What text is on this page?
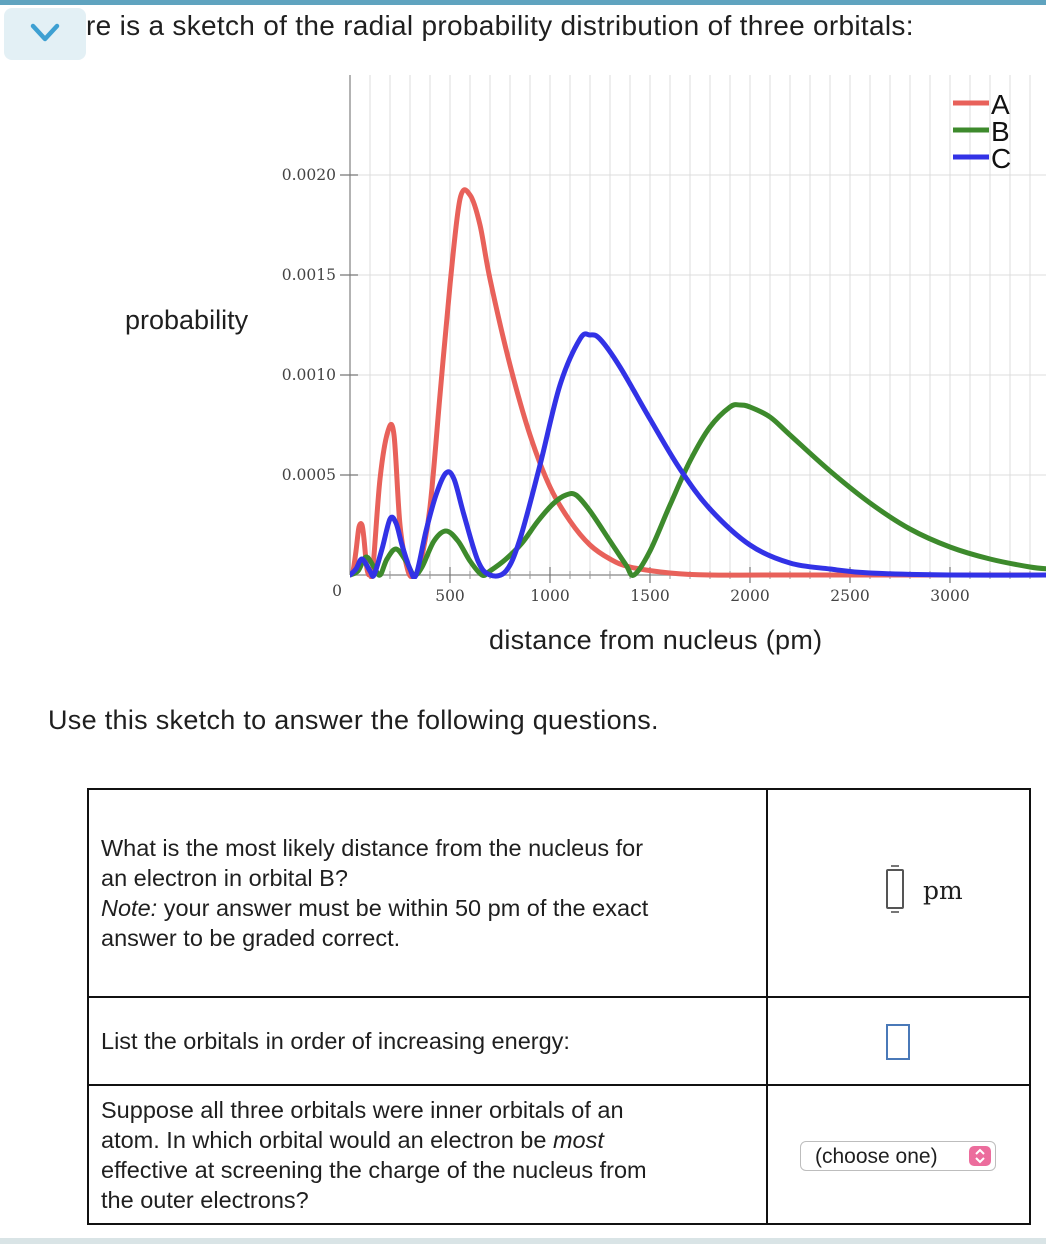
re is a sketch of the radial probability distribution of three orbitals:
0
0.0005
0.0010
0.0015
0.0020
500	1000	1500	2000	2500	3000
A
B
C
probability
distance from nucleus (pm)
Use this sketch to answer the following questions.
What is the most likely distance from the nucleus for
an electron in orbital B?
Note: your answer must be within 50 pm of the exact
answer to be graded correct.	pm

List the orbitals in order of increasing energy:	

Suppose all three orbitals were inner orbitals of an
atom. In which orbital would an electron be most
effective at screening the charge of the nucleus from
the outer electrons?	(choose one)
